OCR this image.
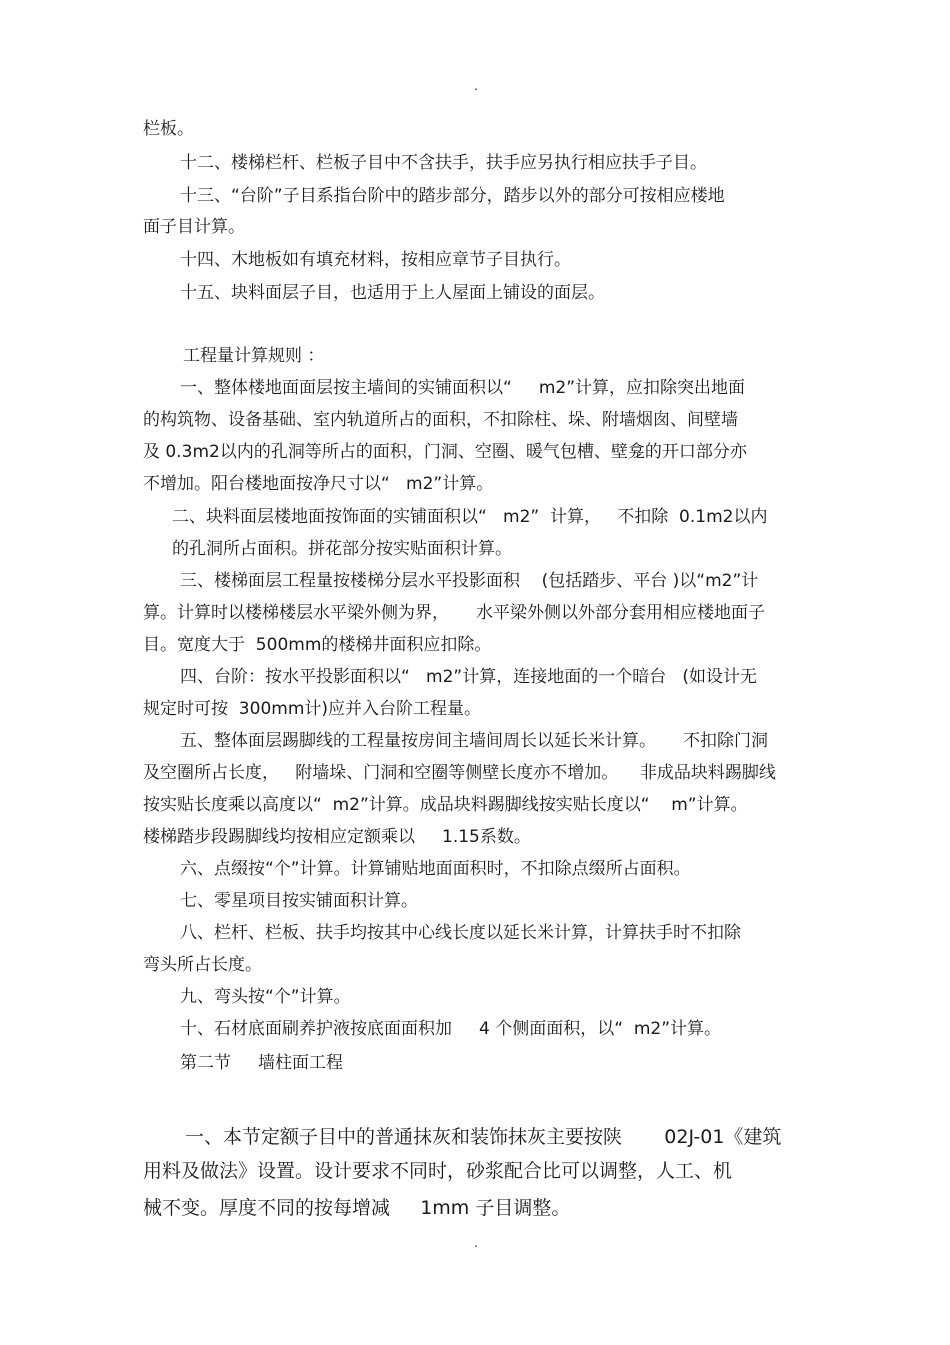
.
栏板。
十二、楼梯栏杆、栏板子目中不含扶手，扶手应另执行相应扶手子目。
十三、“台阶”子目系指台阶中的踏步部分，踏步以外的部分可按相应楼地
面子目计算。
十四、木地板如有填充材料，按相应章节子目执行。
十五、块料面层子目，也适用于上人屋面上铺设的面层。
工程量计算规则 ：
一、整体楼地面面层按主墙间的实铺面积以“     m2”计算，应扣除突出地面
的构筑物、设备基础、室内轨道所占的面积，不扣除柱、垛、附墙烟囱、间壁墙
及 0.3m2以内的孔洞等所占的面积，门洞、空圈、暖气包槽、壁龛的开口部分亦
不增加。阳台楼地面按净尺寸以“   m2”计算。
二、块料面层楼地面按饰面的实铺面积以“   m2”  计算，   不扣除  0.1m2以内
的孔洞所占面积。拼花部分按实贴面积计算。
三、楼梯面层工程量按楼梯分层水平投影面积    (包括踏步、平台 )以“m2”计
算。计算时以楼梯楼层水平梁外侧为界，     水平梁外侧以外部分套用相应楼地面子
目。宽度大于  500mm的楼梯井面积应扣除。
四、台阶：按水平投影面积以“   m2”计算，连接地面的一个暗台   (如设计无
规定时可按  300mm计)应并入台阶工程量。
五、整体面层踢脚线的工程量按房间主墙间周长以延长米计算。     不扣除门洞
及空圈所占长度，   附墙垛、门洞和空圈等侧壁长度亦不增加。    非成品块料踢脚线
按实贴长度乘以高度以“  m2”计算。成品块料踢脚线按实贴长度以“    m”计算。
楼梯踏步段踢脚线均按相应定额乘以     1.15系数。
六、点缀按“个”计算。计算铺贴地面面积时，不扣除点缀所占面积。
七、零星项目按实铺面积计算。
八、栏杆、栏板、扶手均按其中心线长度以延长米计算，计算扶手时不扣除
弯头所占长度。
九、弯头按“个”计算。
十、石材底面刷养护液按底面面积加     4 个侧面面积，以“  m2”计算。
第二节     墙柱面工程
一、本节定额子目中的普通抹灰和装饰抹灰主要按陕       02J-01《建筑
用料及做法》设置。设计要求不同时，砂浆配合比可以调整，人工、机
械不变。厚度不同的按每增减     1mm 子目调整。
.
